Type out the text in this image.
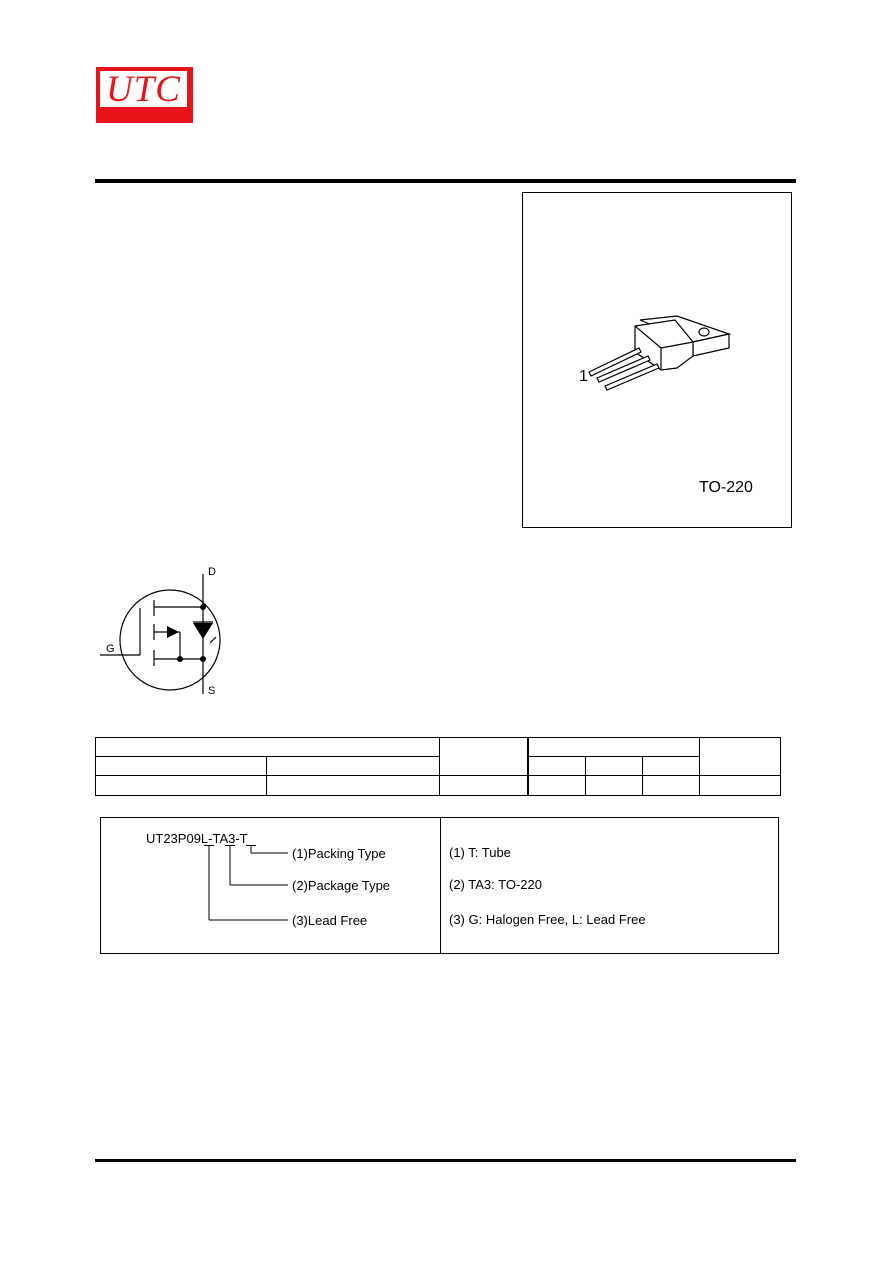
UTC
1
TO-220
D
G
S
UT23P09L-TA3-T
(1)Packing Type
(2)Package Type
(3)Lead Free
(1) T: Tube
(2) TA3: TO-220
(3) G: Halogen Free, L: Lead Free
